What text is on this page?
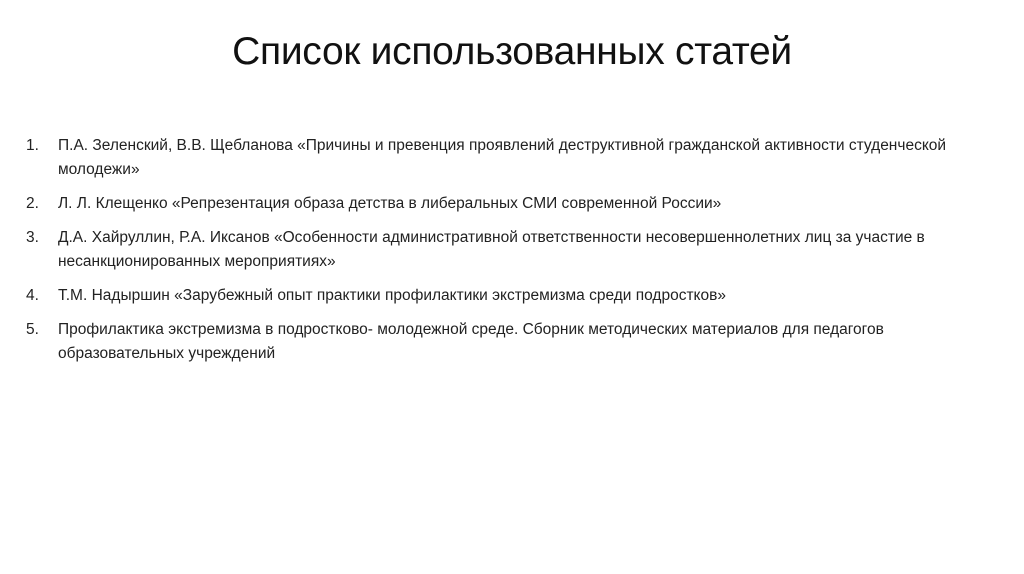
Список использованных статей
1.	П.А. Зеленский, В.В. Щебланова «Причины и превенция проявлений деструктивной гражданской активности студенческой молодежи»
2.	Л. Л. Клещенко «Репрезентация образа детства в либеральных СМИ современной России»
3.	Д.А. Хайруллин, Р.А. Иксанов «Особенности административной ответственности несовершеннолетних лиц за участие в несанкционированных мероприятиях»
4.	Т.М. Надыршин «Зарубежный опыт практики профилактики экстремизма среди подростков»
5.	Профилактика экстремизма в подростково- молодежной среде. Сборник методических материалов для педагогов образовательных учреждений
